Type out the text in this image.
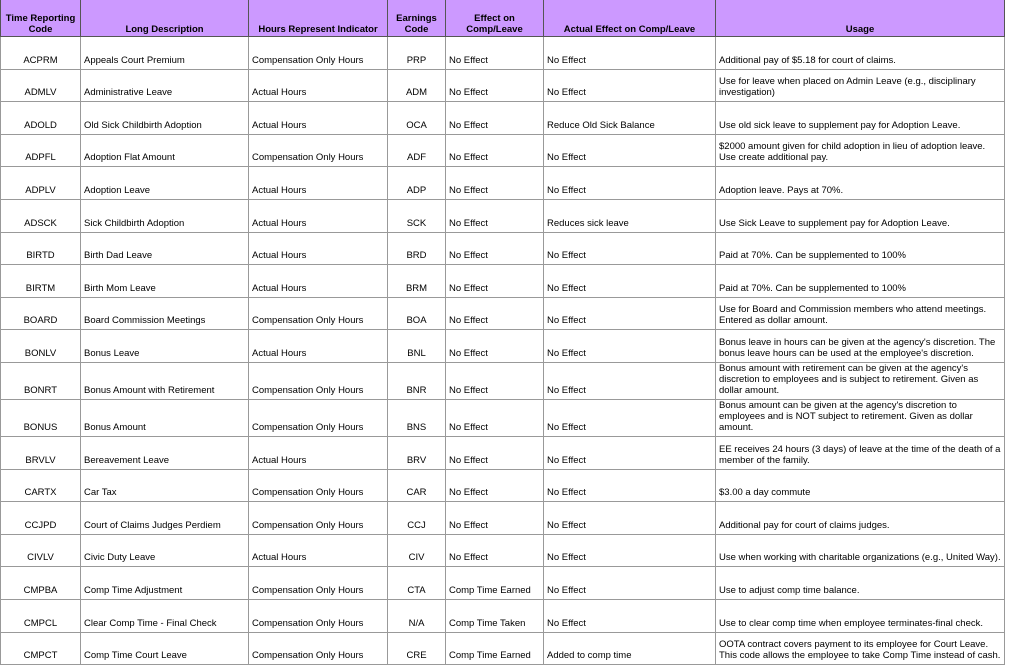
Time Reporting Code	Long Description	Hours Represent Indicator	Earnings Code	Effect on Comp/Leave	Actual Effect on Comp/Leave	Usage
ACPRM	Appeals Court Premium	Compensation Only Hours	PRP	No Effect	No Effect	Additional pay of $5.18 for court of claims.
ADMLV	Administrative Leave	Actual Hours	ADM	No Effect	No Effect	Use for leave when placed on Admin Leave (e.g., disciplinary investigation)
ADOLD	Old Sick Childbirth Adoption	Actual Hours	OCA	No Effect	Reduce Old Sick Balance	Use old sick leave to supplement pay for Adoption Leave.
ADPFL	Adoption Flat Amount	Compensation Only Hours	ADF	No Effect	No Effect	$2000 amount given for child adoption in lieu of adoption leave. Use create additional pay.
ADPLV	Adoption Leave	Actual Hours	ADP	No Effect	No Effect	Adoption leave. Pays at 70%.
ADSCK	Sick Childbirth Adoption	Actual Hours	SCK	No Effect	Reduces sick leave	Use Sick Leave to supplement pay for Adoption Leave.
BIRTD	Birth Dad Leave	Actual Hours	BRD	No Effect	No Effect	Paid at 70%. Can be supplemented to 100%
BIRTM	Birth Mom Leave	Actual Hours	BRM	No Effect	No Effect	Paid at 70%. Can be supplemented to 100%
BOARD	Board Commission Meetings	Compensation Only Hours	BOA	No Effect	No Effect	Use for Board and Commission members who attend meetings. Entered as dollar amount.
BONLV	Bonus Leave	Actual Hours	BNL	No Effect	No Effect	Bonus leave in hours can be given at the agency's discretion. The bonus leave hours can be used at the employee's discretion.
BONRT	Bonus Amount with Retirement	Compensation Only Hours	BNR	No Effect	No Effect	Bonus amount with retirement can be given at the agency's discretion to employees and is subject to retirement. Given as dollar amount.
BONUS	Bonus Amount	Compensation Only Hours	BNS	No Effect	No Effect	Bonus amount can be given at the agency's discretion to employees and is NOT subject to retirement. Given as dollar amount.
BRVLV	Bereavement Leave	Actual Hours	BRV	No Effect	No Effect	EE receives 24 hours (3 days) of leave at the time of the death of a member of the family.
CARTX	Car Tax	Compensation Only Hours	CAR	No Effect	No Effect	$3.00 a day commute
CCJPD	Court of Claims Judges Perdiem	Compensation Only Hours	CCJ	No Effect	No Effect	Additional pay for court of claims judges.
CIVLV	Civic Duty Leave	Actual Hours	CIV	No Effect	No Effect	Use when working with charitable organizations (e.g., United Way).
CMPBA	Comp Time Adjustment	Compensation Only Hours	CTA	Comp Time Earned	No Effect	Use to adjust comp time balance.
CMPCL	Clear Comp Time - Final Check	Compensation Only Hours	N/A	Comp Time Taken	No Effect	Use to clear comp time when employee terminates-final check.
CMPCT	Comp Time Court Leave	Compensation Only Hours	CRE	Comp Time Earned	Added to comp time	OOTA contract covers payment to its employee for Court Leave. This code allows the employee to take Comp Time instead of cash.
